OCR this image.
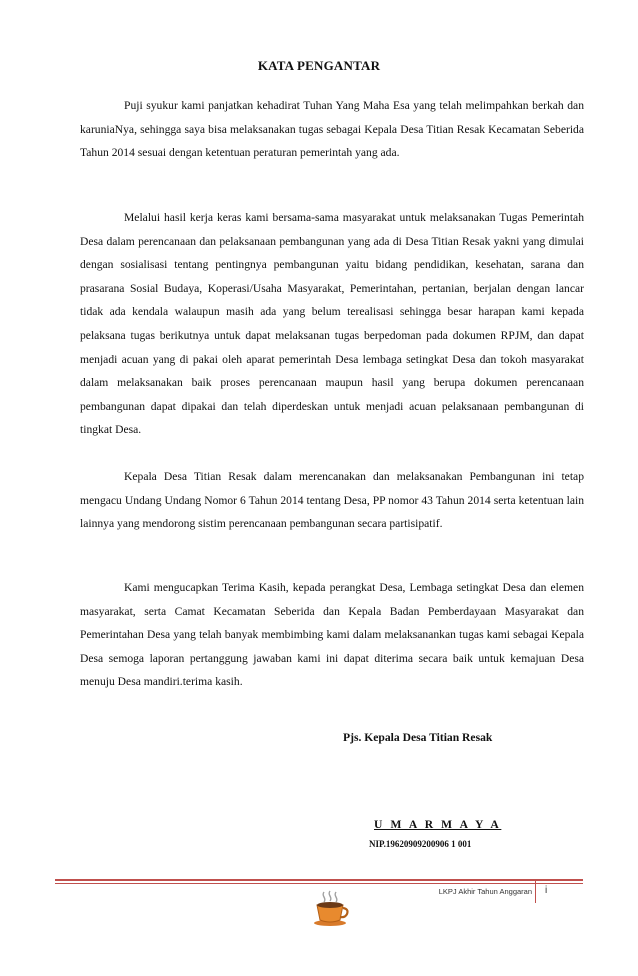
KATA PENGANTAR

Puji syukur kami panjatkan kehadirat Tuhan Yang Maha Esa yang telah melimpahkan berkah dan karuniaNya, sehingga saya bisa melaksanakan tugas sebagai Kepala Desa Titian Resak Kecamatan Seberida Tahun 2014 sesuai dengan ketentuan peraturan pemerintah yang ada.

Melalui hasil kerja keras kami bersama-sama masyarakat untuk melaksanakan Tugas Pemerintah Desa dalam perencanaan dan pelaksanaan pembangunan yang ada di Desa Titian Resak yakni yang dimulai dengan sosialisasi tentang pentingnya pembangunan yaitu bidang pendidikan, kesehatan, sarana dan prasarana Sosial Budaya, Koperasi/Usaha Masyarakat, Pemerintahan, pertanian, berjalan dengan lancar tidak ada kendala walaupun masih ada yang belum terealisasi sehingga besar harapan kami kepada pelaksana tugas berikutnya untuk dapat melaksanan tugas berpedoman pada dokumen RPJM, dan dapat menjadi acuan yang di pakai oleh aparat pemerintah Desa lembaga setingkat Desa dan tokoh masyarakat dalam melaksanakan baik proses perencanaan maupun hasil yang berupa dokumen perencanaan pembangunan dapat dipakai dan telah diperdeskan untuk menjadi acuan pelaksanaan pembangunan di tingkat Desa.

Kepala Desa Titian Resak dalam merencanakan dan melaksanakan Pembangunan ini tetap mengacu Undang Undang Nomor 6 Tahun 2014 tentang Desa, PP nomor 43 Tahun 2014 serta ketentuan lain lainnya yang mendorong sistim perencanaan pembangunan secara partisipatif.

Kami mengucapkan Terima Kasih, kepada perangkat Desa, Lembaga setingkat Desa dan elemen masyarakat, serta Camat Kecamatan Seberida dan Kepala Badan Pemberdayaan Masyarakat dan Pemerintahan Desa yang telah banyak membimbing kami dalam melaksanankan tugas kami sebagai Kepala Desa semoga laporan pertanggung jawaban kami ini dapat diterima secara baik untuk kemajuan Desa menuju Desa mandiri.terima kasih.

Pjs. Kepala Desa Titian Resak
U M A R M A Y A
NIP.19620909200906 1 001
LKPJ Akhir Tahun Anggaran i
